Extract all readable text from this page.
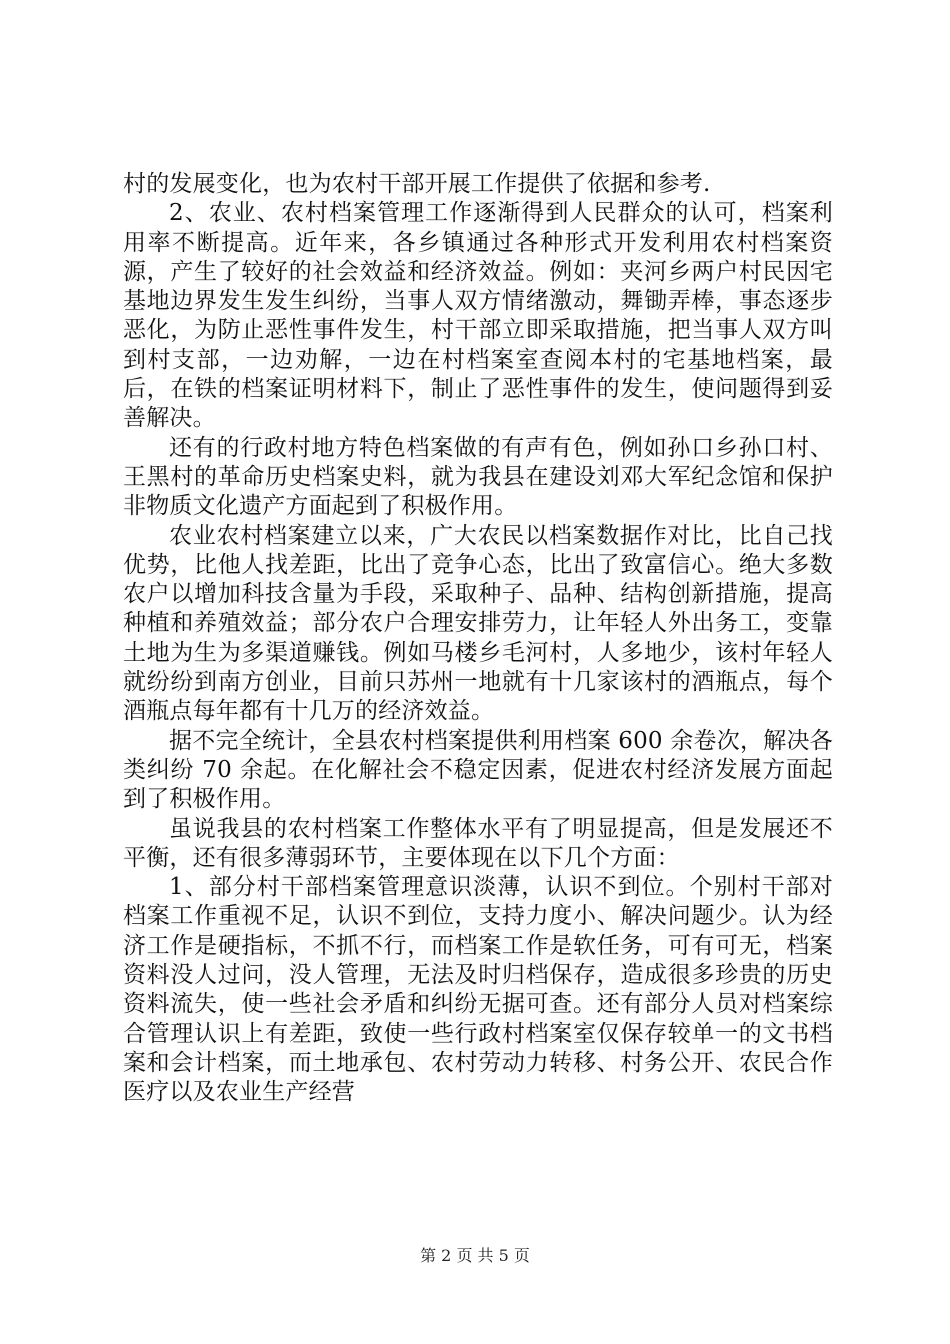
村的发展变化，也为农村干部开展工作提供了依据和参考.

2、农业、农村档案管理工作逐渐得到人民群众的认可，档案利用率不断提高。近年来，各乡镇通过各种形式开发利用农村档案资源，产生了较好的社会效益和经济效益。例如：夹河乡两户村民因宅基地边界发生发生纠纷，当事人双方情绪激动，舞锄弄棒，事态逐步恶化，为防止恶性事件发生，村干部立即采取措施，把当事人双方叫到村支部，一边劝解，一边在村档案室查阅本村的宅基地档案，最后，在铁的档案证明材料下，制止了恶性事件的发生，使问题得到妥善解决。

还有的行政村地方特色档案做的有声有色，例如孙口乡孙口村、王黑村的革命历史档案史料，就为我县在建设刘邓大军纪念馆和保护非物质文化遗产方面起到了积极作用。

农业农村档案建立以来，广大农民以档案数据作对比，比自己找优势，比他人找差距，比出了竞争心态，比出了致富信心。绝大多数农户以增加科技含量为手段，采取种子、品种、结构创新措施，提高种植和养殖效益；部分农户合理安排劳力，让年轻人外出务工，变靠土地为生为多渠道赚钱。例如马楼乡毛河村，人多地少，该村年轻人就纷纷到南方创业，目前只苏州一地就有十几家该村的酒瓶点，每个酒瓶点每年都有十几万的经济效益。

据不完全统计，全县农村档案提供利用档案 600 余卷次，解决各类纠纷 70 余起。在化解社会不稳定因素，促进农村经济发展方面起到了积极作用。

虽说我县的农村档案工作整体水平有了明显提高，但是发展还不平衡，还有很多薄弱环节，主要体现在以下几个方面：

1、部分村干部档案管理意识淡薄，认识不到位。个别村干部对档案工作重视不足，认识不到位，支持力度小、解决问题少。认为经济工作是硬指标，不抓不行，而档案工作是软任务，可有可无，档案资料没人过问，没人管理，无法及时归档保存，造成很多珍贵的历史资料流失，使一些社会矛盾和纠纷无据可查。还有部分人员对档案综合管理认识上有差距，致使一些行政村档案室仅保存较单一的文书档案和会计档案，而土地承包、农村劳动力转移、村务公开、农民合作医疗以及农业生产经营

第 2 页 共 5 页
